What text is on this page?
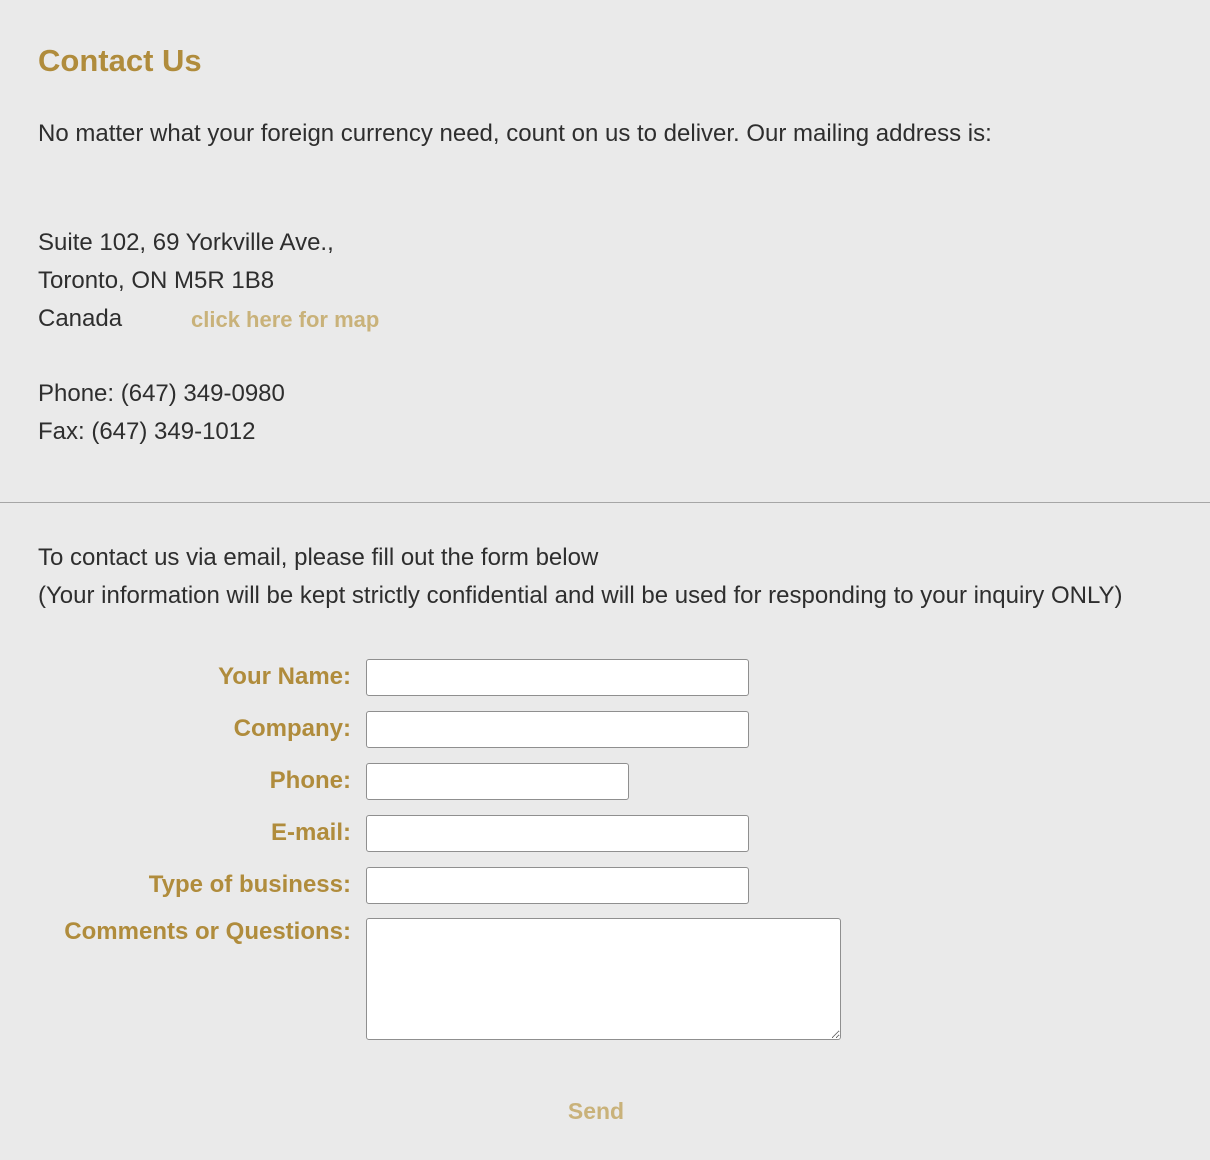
Contact Us
No matter what your foreign currency need, count on us to deliver. Our mailing address is:
Suite 102, 69 Yorkville Ave.,
Toronto, ON M5R 1B8
Canada	click here for map
Phone: (647) 349-0980
Fax: (647) 349-1012
To contact us via email, please fill out the form below
(Your information will be kept strictly confidential and will be used for responding to your inquiry ONLY)
Your Name:
Company:
Phone:
E-mail:
Type of business:
Comments or Questions:
Send
